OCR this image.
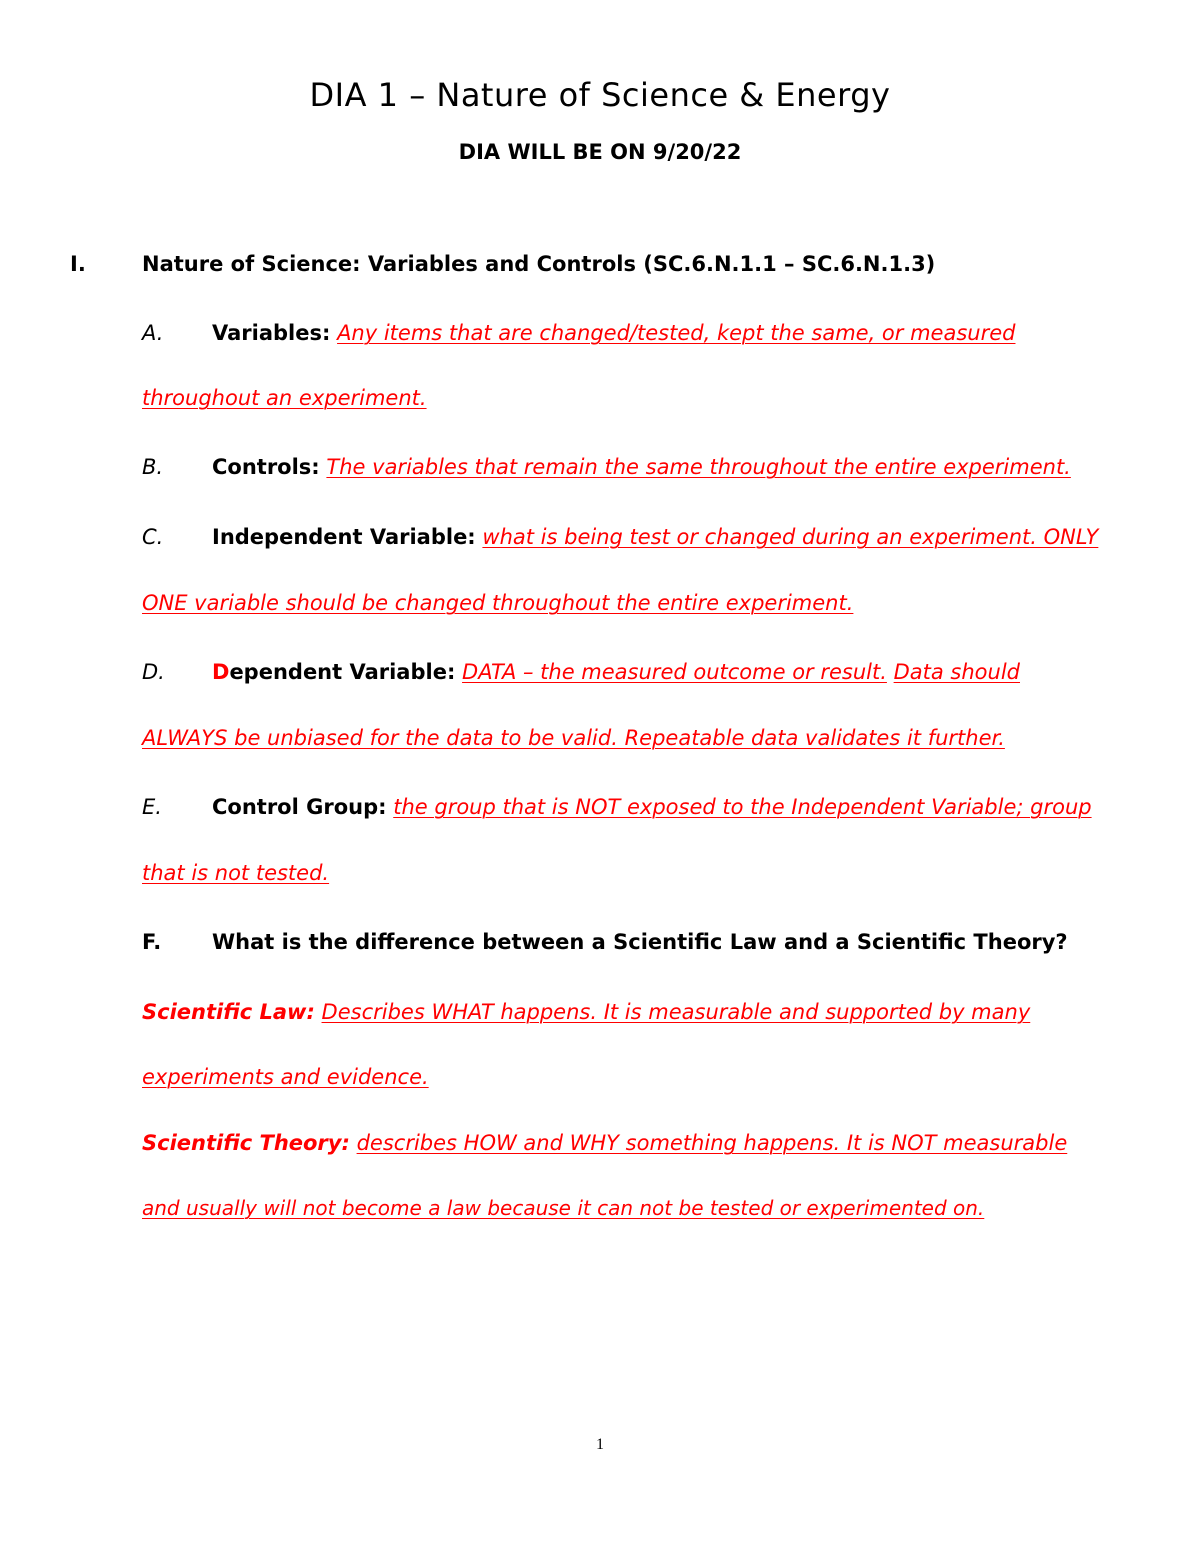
DIA 1 – Nature of Science & Energy
DIA WILL BE ON 9/20/22
I.	Nature of Science: Variables and Controls (SC.6.N.1.1 – SC.6.N.1.3)
A. Variables: Any items that are changed/tested, kept the same, or measured
throughout an experiment.
B. Controls: The variables that remain the same throughout the entire experiment.
C. Independent Variable: what is being test or changed during an experiment. ONLY
ONE variable should be changed throughout the entire experiment.
D. Dependent Variable: DATA – the measured outcome or result. Data should
ALWAYS be unbiased for the data to be valid. Repeatable data validates it further.
E. Control Group: the group that is NOT exposed to the Independent Variable; group
that is not tested.
F. What is the difference between a Scientific Law and a Scientific Theory?
Scientific Law: Describes WHAT happens. It is measurable and supported by many
experiments and evidence.
Scientific Theory: describes HOW and WHY something happens. It is NOT measurable
and usually will not become a law because it can not be tested or experimented on.
1
